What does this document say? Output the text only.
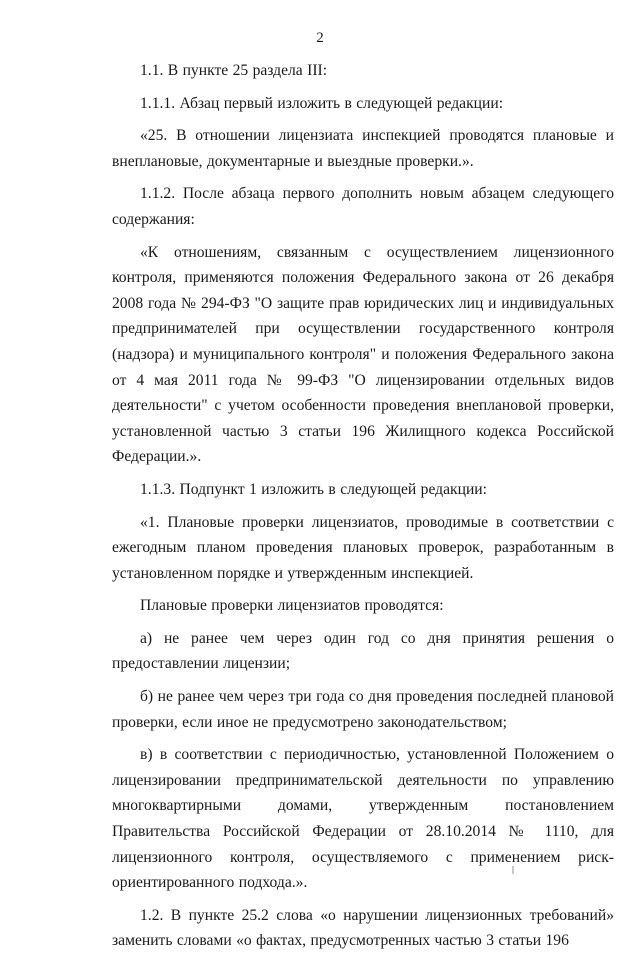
2

1.1. В пункте 25 раздела III:

1.1.1. Абзац первый изложить в следующей редакции:

«25. В отношении лицензиата инспекцией проводятся плановые и внеплановые, документарные и выездные проверки.».

1.1.2. После абзаца первого дополнить новым абзацем следующего содержания:

«К отношениям, связанным с осуществлением лицензионного контроля, применяются положения Федерального закона от 26 декабря 2008 года № 294-ФЗ "О защите прав юридических лиц и индивидуальных предпринимателей при осуществлении государственного контроля (надзора) и муниципального контроля" и положения Федерального закона от 4 мая 2011 года № 99-ФЗ "О лицензировании отдельных видов деятельности" с учетом особенности проведения внеплановой проверки, установленной частью 3 статьи 196 Жилищного кодекса Российской Федерации.».

1.1.3. Подпункт 1 изложить в следующей редакции:

«1. Плановые проверки лицензиатов, проводимые в соответствии с ежегодным планом проведения плановых проверок, разработанным в установленном порядке и утвержденным инспекцией.

Плановые проверки лицензиатов проводятся:

а) не ранее чем через один год со дня принятия решения о предоставлении лицензии;

б) не ранее чем через три года со дня проведения последней плановой проверки, если иное не предусмотрено законодательством;

в) в соответствии с периодичностью, установленной Положением о лицензировании предпринимательской деятельности по управлению многоквартирными домами, утвержденным постановлением Правительства Российской Федерации от 28.10.2014 № 1110, для лицензионного контроля, осуществляемого с применением риск-ориентированного подхода.».

1.2. В пункте 25.2 слова «о нарушении лицензионных требований» заменить словами «о фактах, предусмотренных частью 3 статьи 196
